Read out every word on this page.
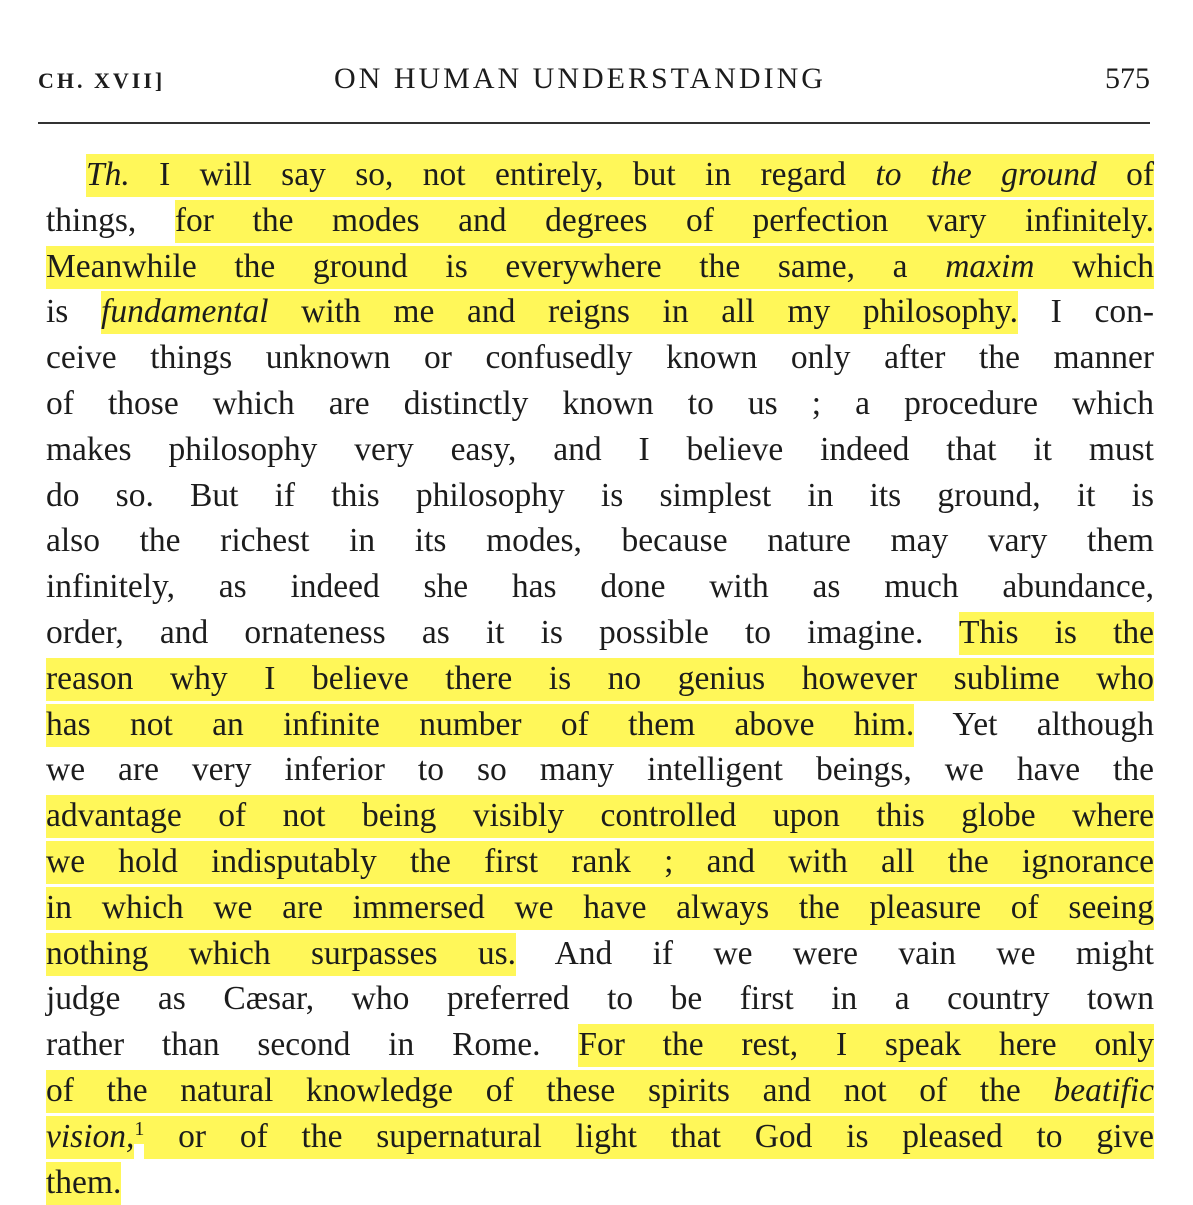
CH. XVII]	ON HUMAN UNDERSTANDING	575
Th. I will say so, not entirely, but in regard to the ground of
things, for the modes and degrees of perfection vary infinitely.
Meanwhile the ground is everywhere the same, a maxim which
is fundamental with me and reigns in all my philosophy. I con-
ceive things unknown or confusedly known only after the manner
of those which are distinctly known to us ; a procedure which
makes philosophy very easy, and I believe indeed that it must
do so. But if this philosophy is simplest in its ground, it is
also the richest in its modes, because nature may vary them
infinitely, as indeed she has done with as much abundance,
order, and ornateness as it is possible to imagine. This is the
reason why I believe there is no genius however sublime who
has not an infinite number of them above him. Yet although
we are very inferior to so many intelligent beings, we have the
advantage of not being visibly controlled upon this globe where
we hold indisputably the first rank ; and with all the ignorance
in which we are immersed we have always the pleasure of seeing
nothing which surpasses us. And if we were vain we might
judge as Cæsar, who preferred to be first in a country town
rather than second in Rome. For the rest, I speak here only
of the natural knowledge of these spirits and not of the beatific
vision,$^1$ or of the supernatural light that God is pleased to give
them.
